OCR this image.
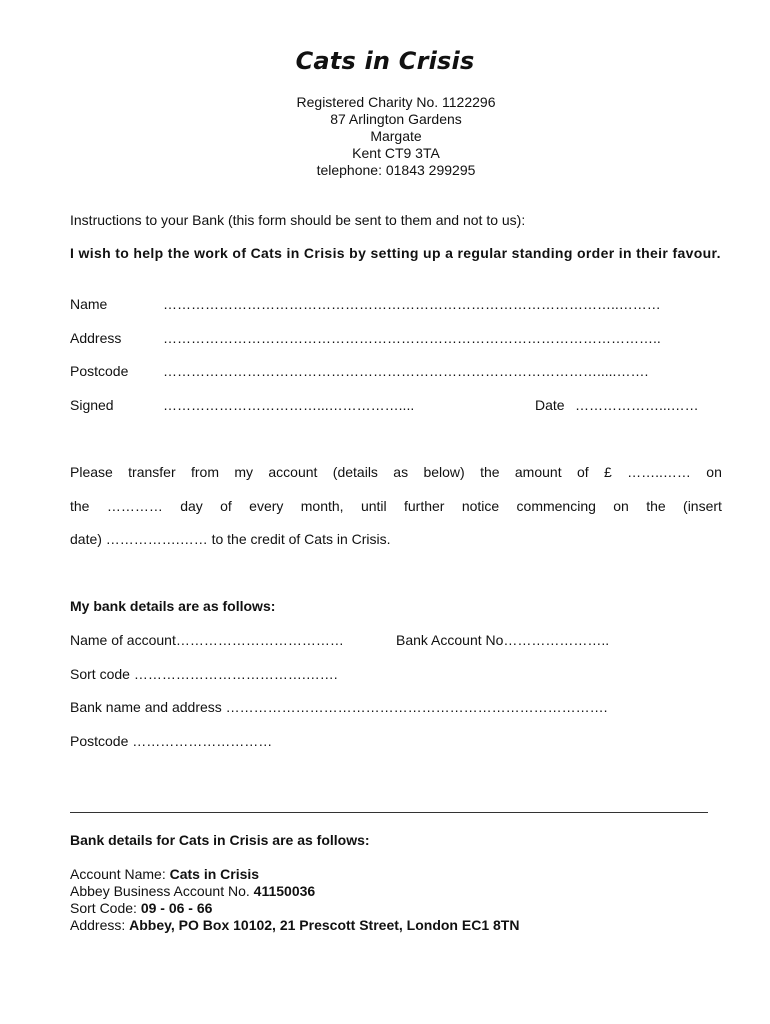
Cats in Crisis
Registered Charity No. 1122296
87 Arlington Gardens
Margate
Kent CT9 3TA
telephone: 01843 299295
Instructions to your Bank (this form should be sent to them and not to us):
I wish to help the work of Cats in Crisis by setting up a regular standing order in their favour.
Name	……………………………………………………………………………………..………
Address	……………………………………………………………………………………………..
Postcode ………………………………………………………………………………….....…….
Signed	……………………………...……………....	Date ………………...……
Please transfer from my account (details as below) the amount of £ ……..…… on
the ………… day of every month, until further notice commencing on the (insert
date) …………….…… to the credit of Cats in Crisis.
My bank details are as follows:
Name of account………………………………	Bank Account No…………………..
Sort code ……………………………….…….
Bank name and address ……………………………………………………………………….
Postcode …………………………
Bank details for Cats in Crisis are as follows:
Account Name: Cats in Crisis
Abbey Business Account No. 41150036
Sort Code: 09 - 06 - 66
Address: Abbey, PO Box 10102, 21 Prescott Street, London EC1 8TN
